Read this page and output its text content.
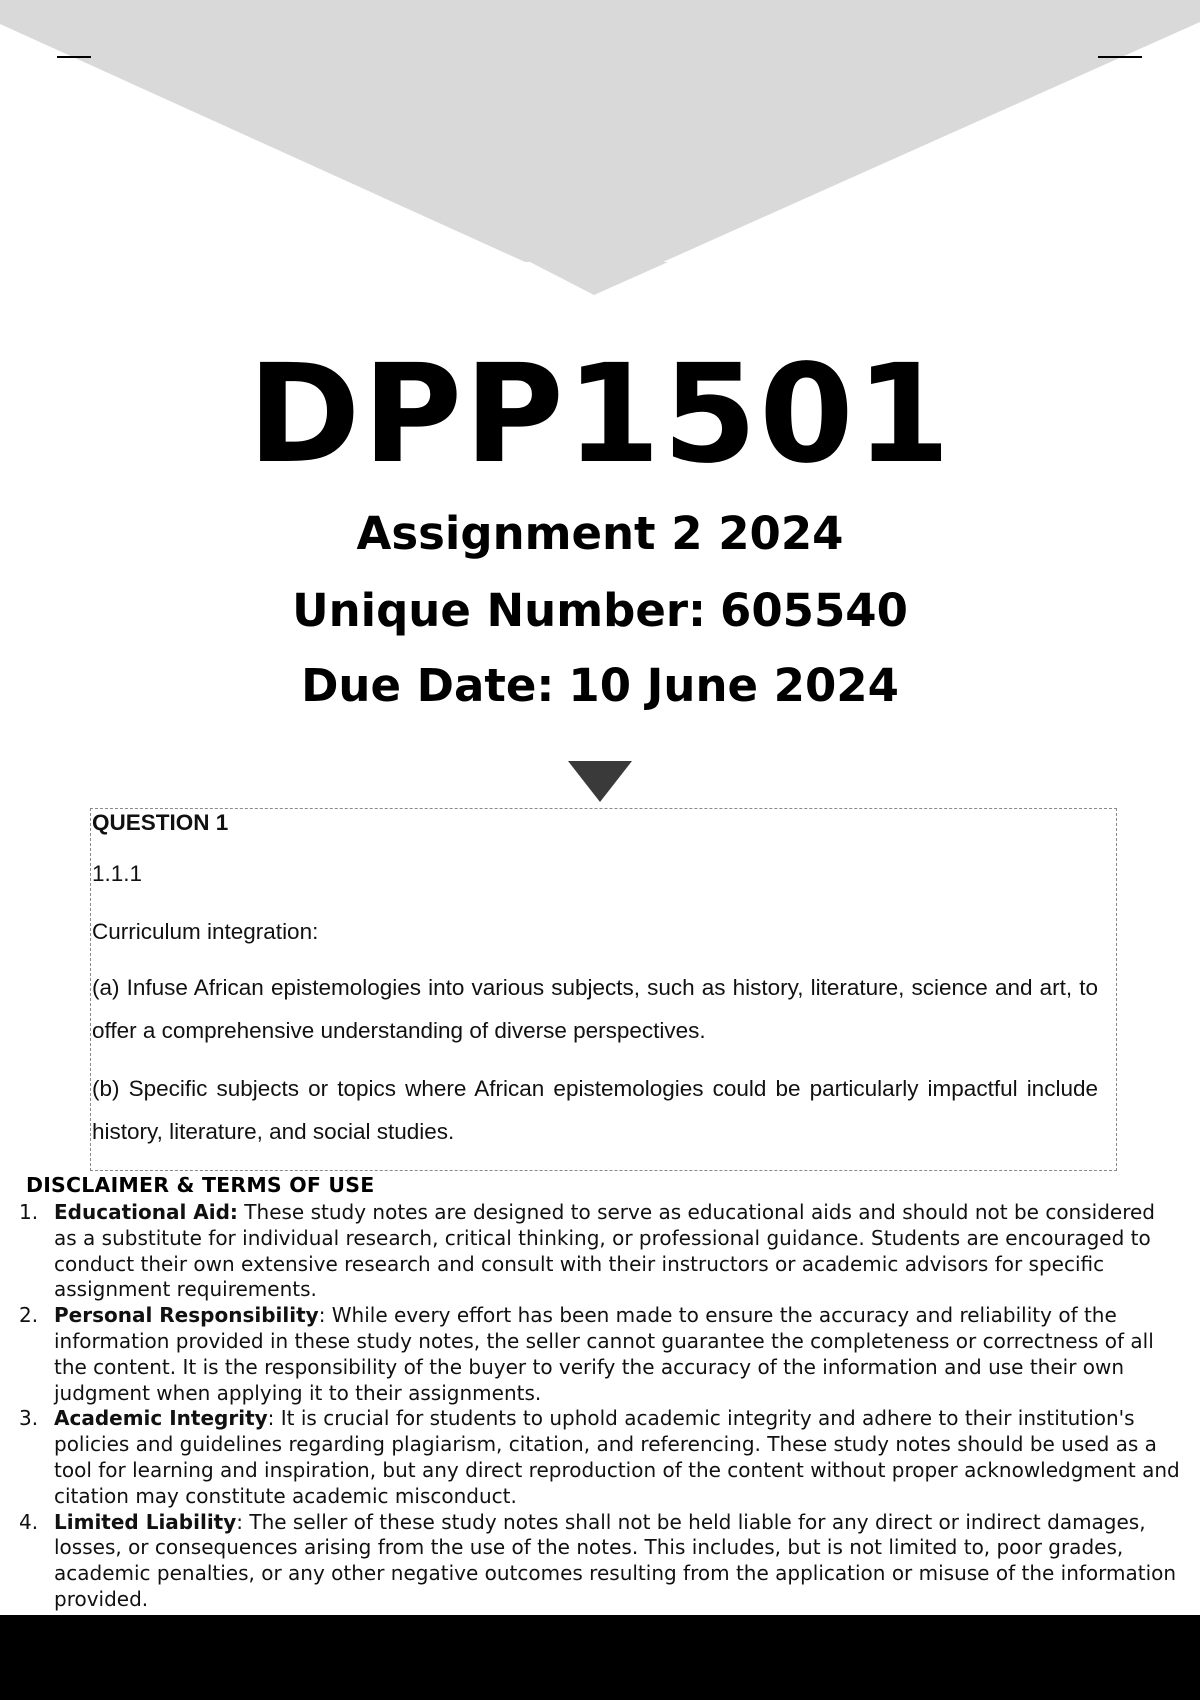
DPP1501
Assignment 2 2024
Unique Number: 605540
Due Date: 10 June 2024
QUESTION 1
1.1.1
Curriculum integration:
(a) Infuse African epistemologies into various subjects, such as history, literature, science and art, to offer a comprehensive understanding of diverse perspectives.
(b) Specific subjects or topics where African epistemologies could be particularly impactful include history, literature, and social studies.
DISCLAIMER & TERMS OF USE
1. Educational Aid: These study notes are designed to serve as educational aids and should not be considered as a substitute for individual research, critical thinking, or professional guidance. Students are encouraged to conduct their own extensive research and consult with their instructors or academic advisors for specific assignment requirements.
2. Personal Responsibility: While every effort has been made to ensure the accuracy and reliability of the information provided in these study notes, the seller cannot guarantee the completeness or correctness of all the content. It is the responsibility of the buyer to verify the accuracy of the information and use their own judgment when applying it to their assignments.
3. Academic Integrity: It is crucial for students to uphold academic integrity and adhere to their institution's policies and guidelines regarding plagiarism, citation, and referencing. These study notes should be used as a tool for learning and inspiration, but any direct reproduction of the content without proper acknowledgment and citation may constitute academic misconduct.
4. Limited Liability: The seller of these study notes shall not be held liable for any direct or indirect damages, losses, or consequences arising from the use of the notes. This includes, but is not limited to, poor grades, academic penalties, or any other negative outcomes resulting from the application or misuse of the information provided.
